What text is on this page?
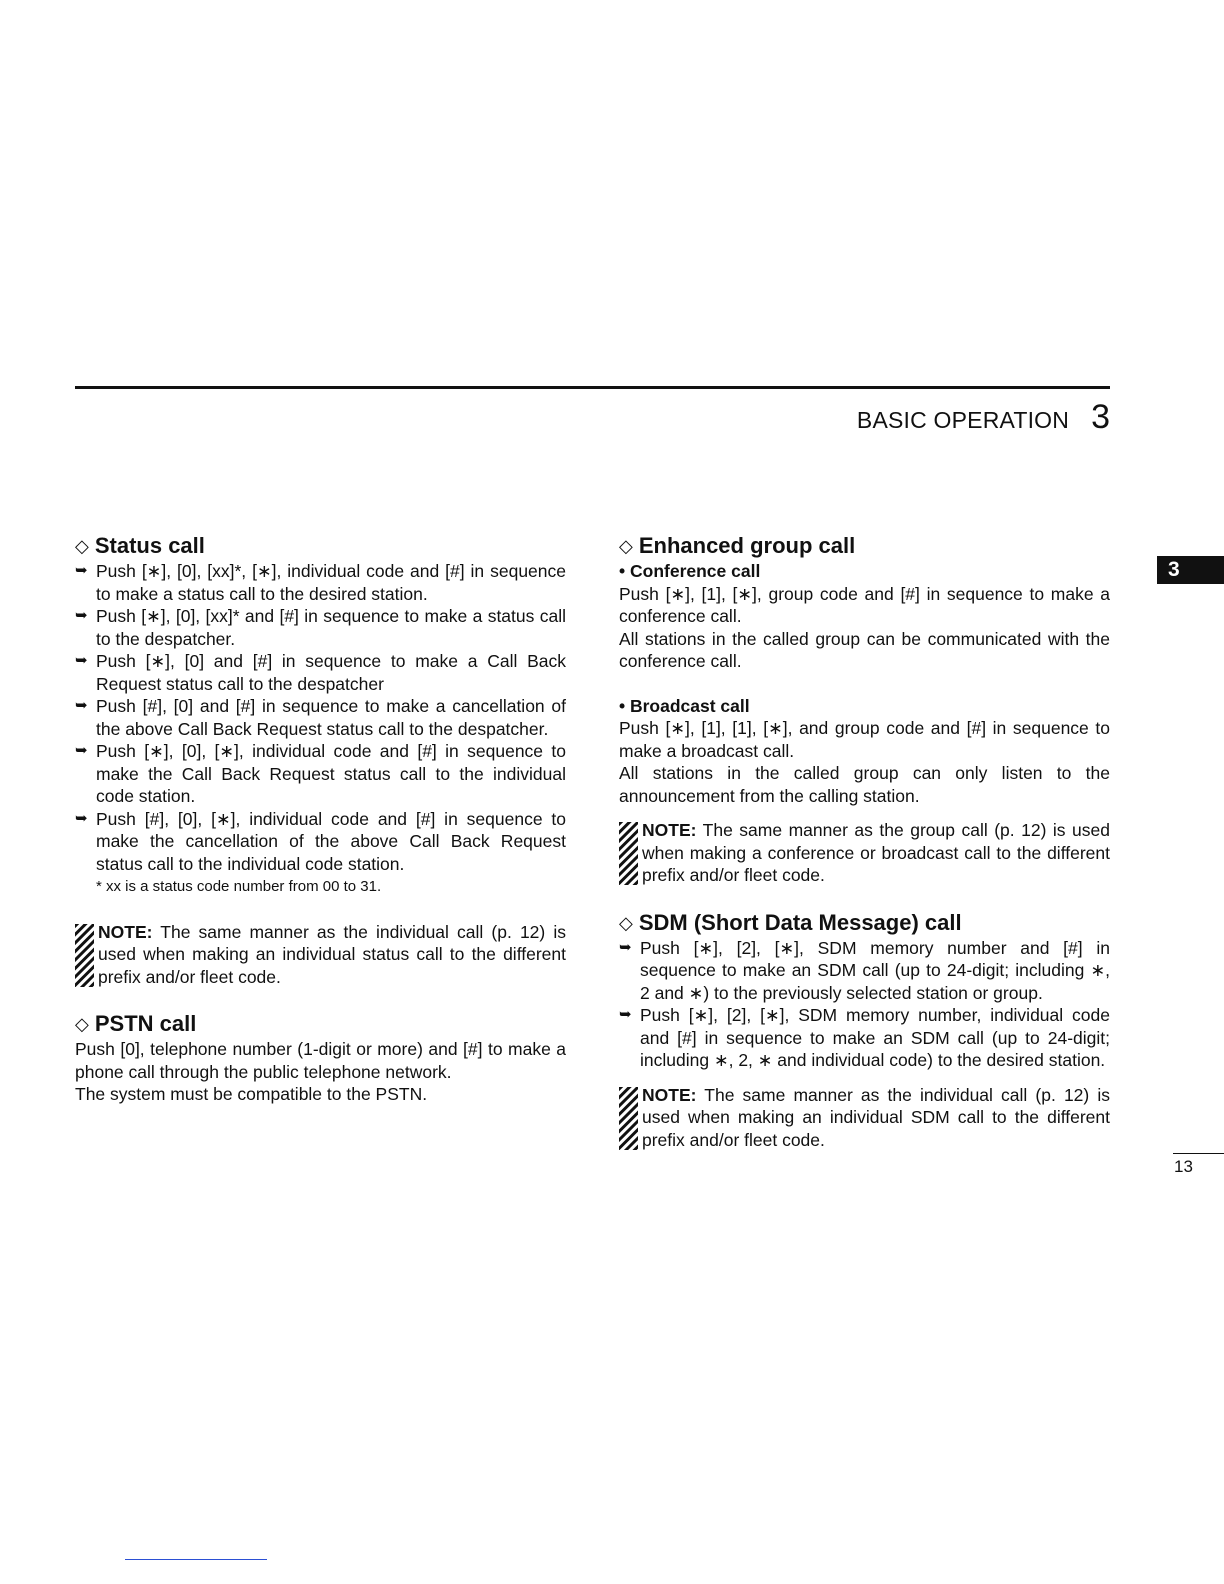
BASIC OPERATION 3
3
13
◇ Status call
➥ Push [∗], [0], [xx]*, [∗], individual code and [#] in sequence to make a status call to the desired station.
➥ Push [∗], [0], [xx]* and [#] in sequence to make a status call to the despatcher.
➥ Push [∗], [0] and [#] in sequence to make a Call Back Request status call to the despatcher
➥ Push [#], [0] and [#] in sequence to make a cancellation of the above Call Back Request status call to the despatcher.
➥ Push [∗], [0], [∗], individual code and [#] in sequence to make the Call Back Request status call to the individual code station.
➥ Push [#], [0], [∗], individual code and [#] in sequence to make the cancellation of the above Call Back Request status call to the individual code station.
* xx is a status code number from 00 to 31.
NOTE: The same manner as the individual call (p. 12) is used when making an individual status call to the different prefix and/or fleet code.
◇ PSTN call
Push [0], telephone number (1-digit or more) and [#] to make a phone call through the public telephone network.
The system must be compatible to the PSTN.
◇ Enhanced group call
• Conference call
Push [∗], [1], [∗], group code and [#] in sequence to make a conference call.
All stations in the called group can be communicated with the conference call.
• Broadcast call
Push [∗], [1], [1], [∗], and group code and [#] in sequence to make a broadcast call.
All stations in the called group can only listen to the announcement from the calling station.
NOTE: The same manner as the group call (p. 12) is used when making a conference or broadcast call to the different prefix and/or fleet code.
◇ SDM (Short Data Message) call
➥ Push [∗], [2], [∗], SDM memory number and [#] in sequence to make an SDM call (up to 24-digit; including ∗, 2 and ∗) to the previously selected station or group.
➥ Push [∗], [2], [∗], SDM memory number, individual code and [#] in sequence to make an SDM call (up to 24-digit; including ∗, 2, ∗ and individual code) to the desired station.
NOTE: The same manner as the individual call (p. 12) is used when making an individual SDM call to the different prefix and/or fleet code.
